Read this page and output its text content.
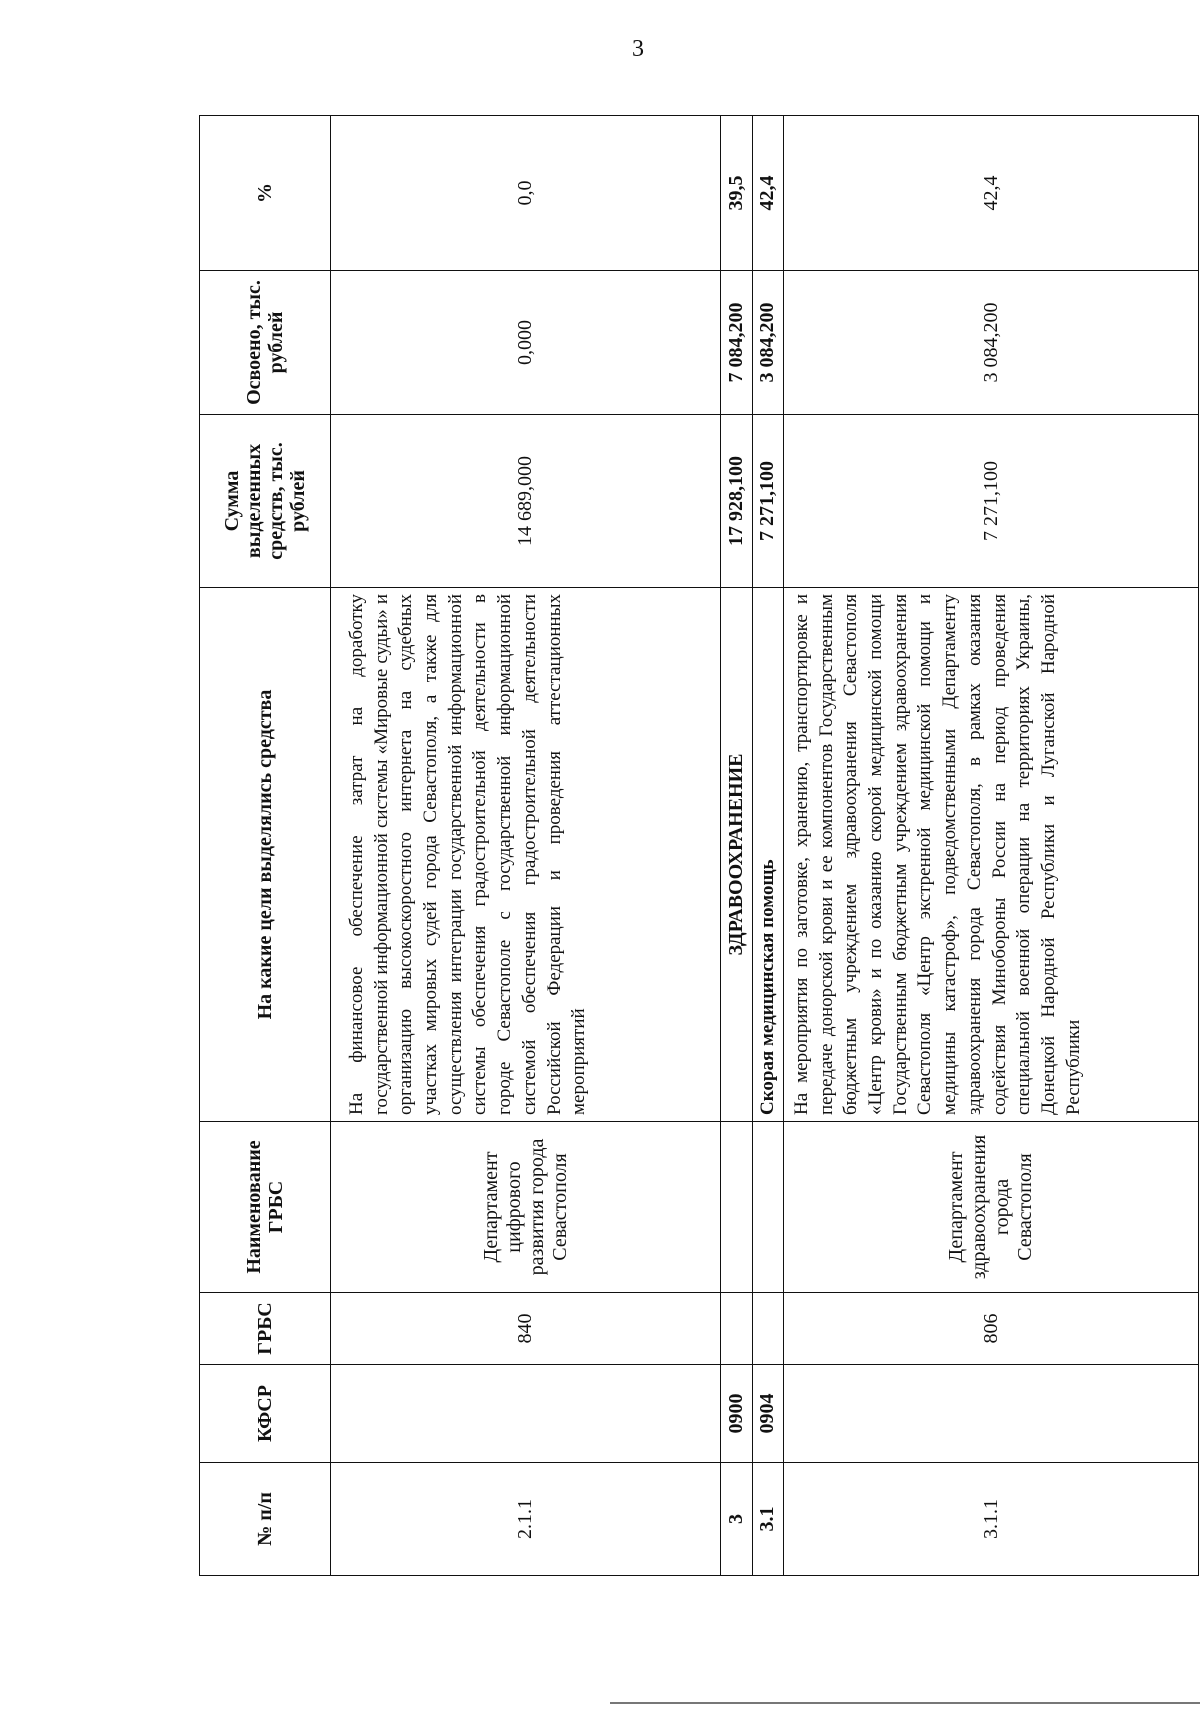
3
№ п/п	КФСР	ГРБС	Наименование ГРБС	На какие цели выделялись средства	Сумма выделенных средств, тыс. рублей	Освоено, тыс. рублей	%
2.1.1		840	Департамент цифрового развития города Севастополя	На финансовое обеспечение затрат на доработку государственной информационной системы «Мировые судьи» и организацию высокоскоростного интернета на судебных участках мировых судей города Севастополя, а также для осуществления интеграции государственной информационной системы обеспечения градостроительной деятельности в городе Севастополе с государственной информационной системой обеспечения градостроительной деятельности Российской Федерации и проведения аттестационных мероприятий	14 689,000	0,000	0,0
3	0900			ЗДРАВООХРАНЕНИЕ	17 928,100	7 084,200	39,5
3.1	0904			Скорая медицинская помощь	7 271,100	3 084,200	42,4
3.1.1		806	Департамент здравоохранения города Севастополя	На мероприятия по заготовке, хранению, транспортировке и передаче донорской крови и ее компонентов Государственным бюджетным учреждением здравоохранения Севастополя «Центр крови» и по оказанию скорой медицинской помощи Государственным бюджетным учреждением здравоохранения Севастополя «Центр экстренной медицинской помощи и медицины катастроф», подведомственными Департаменту здравоохранения города Севастополя, в рамках оказания содействия Минобороны России на период проведения специальной военной операции на территориях Украины, Донецкой Народной Республики и Луганской Народной Республики	7 271,100	3 084,200	42,4
